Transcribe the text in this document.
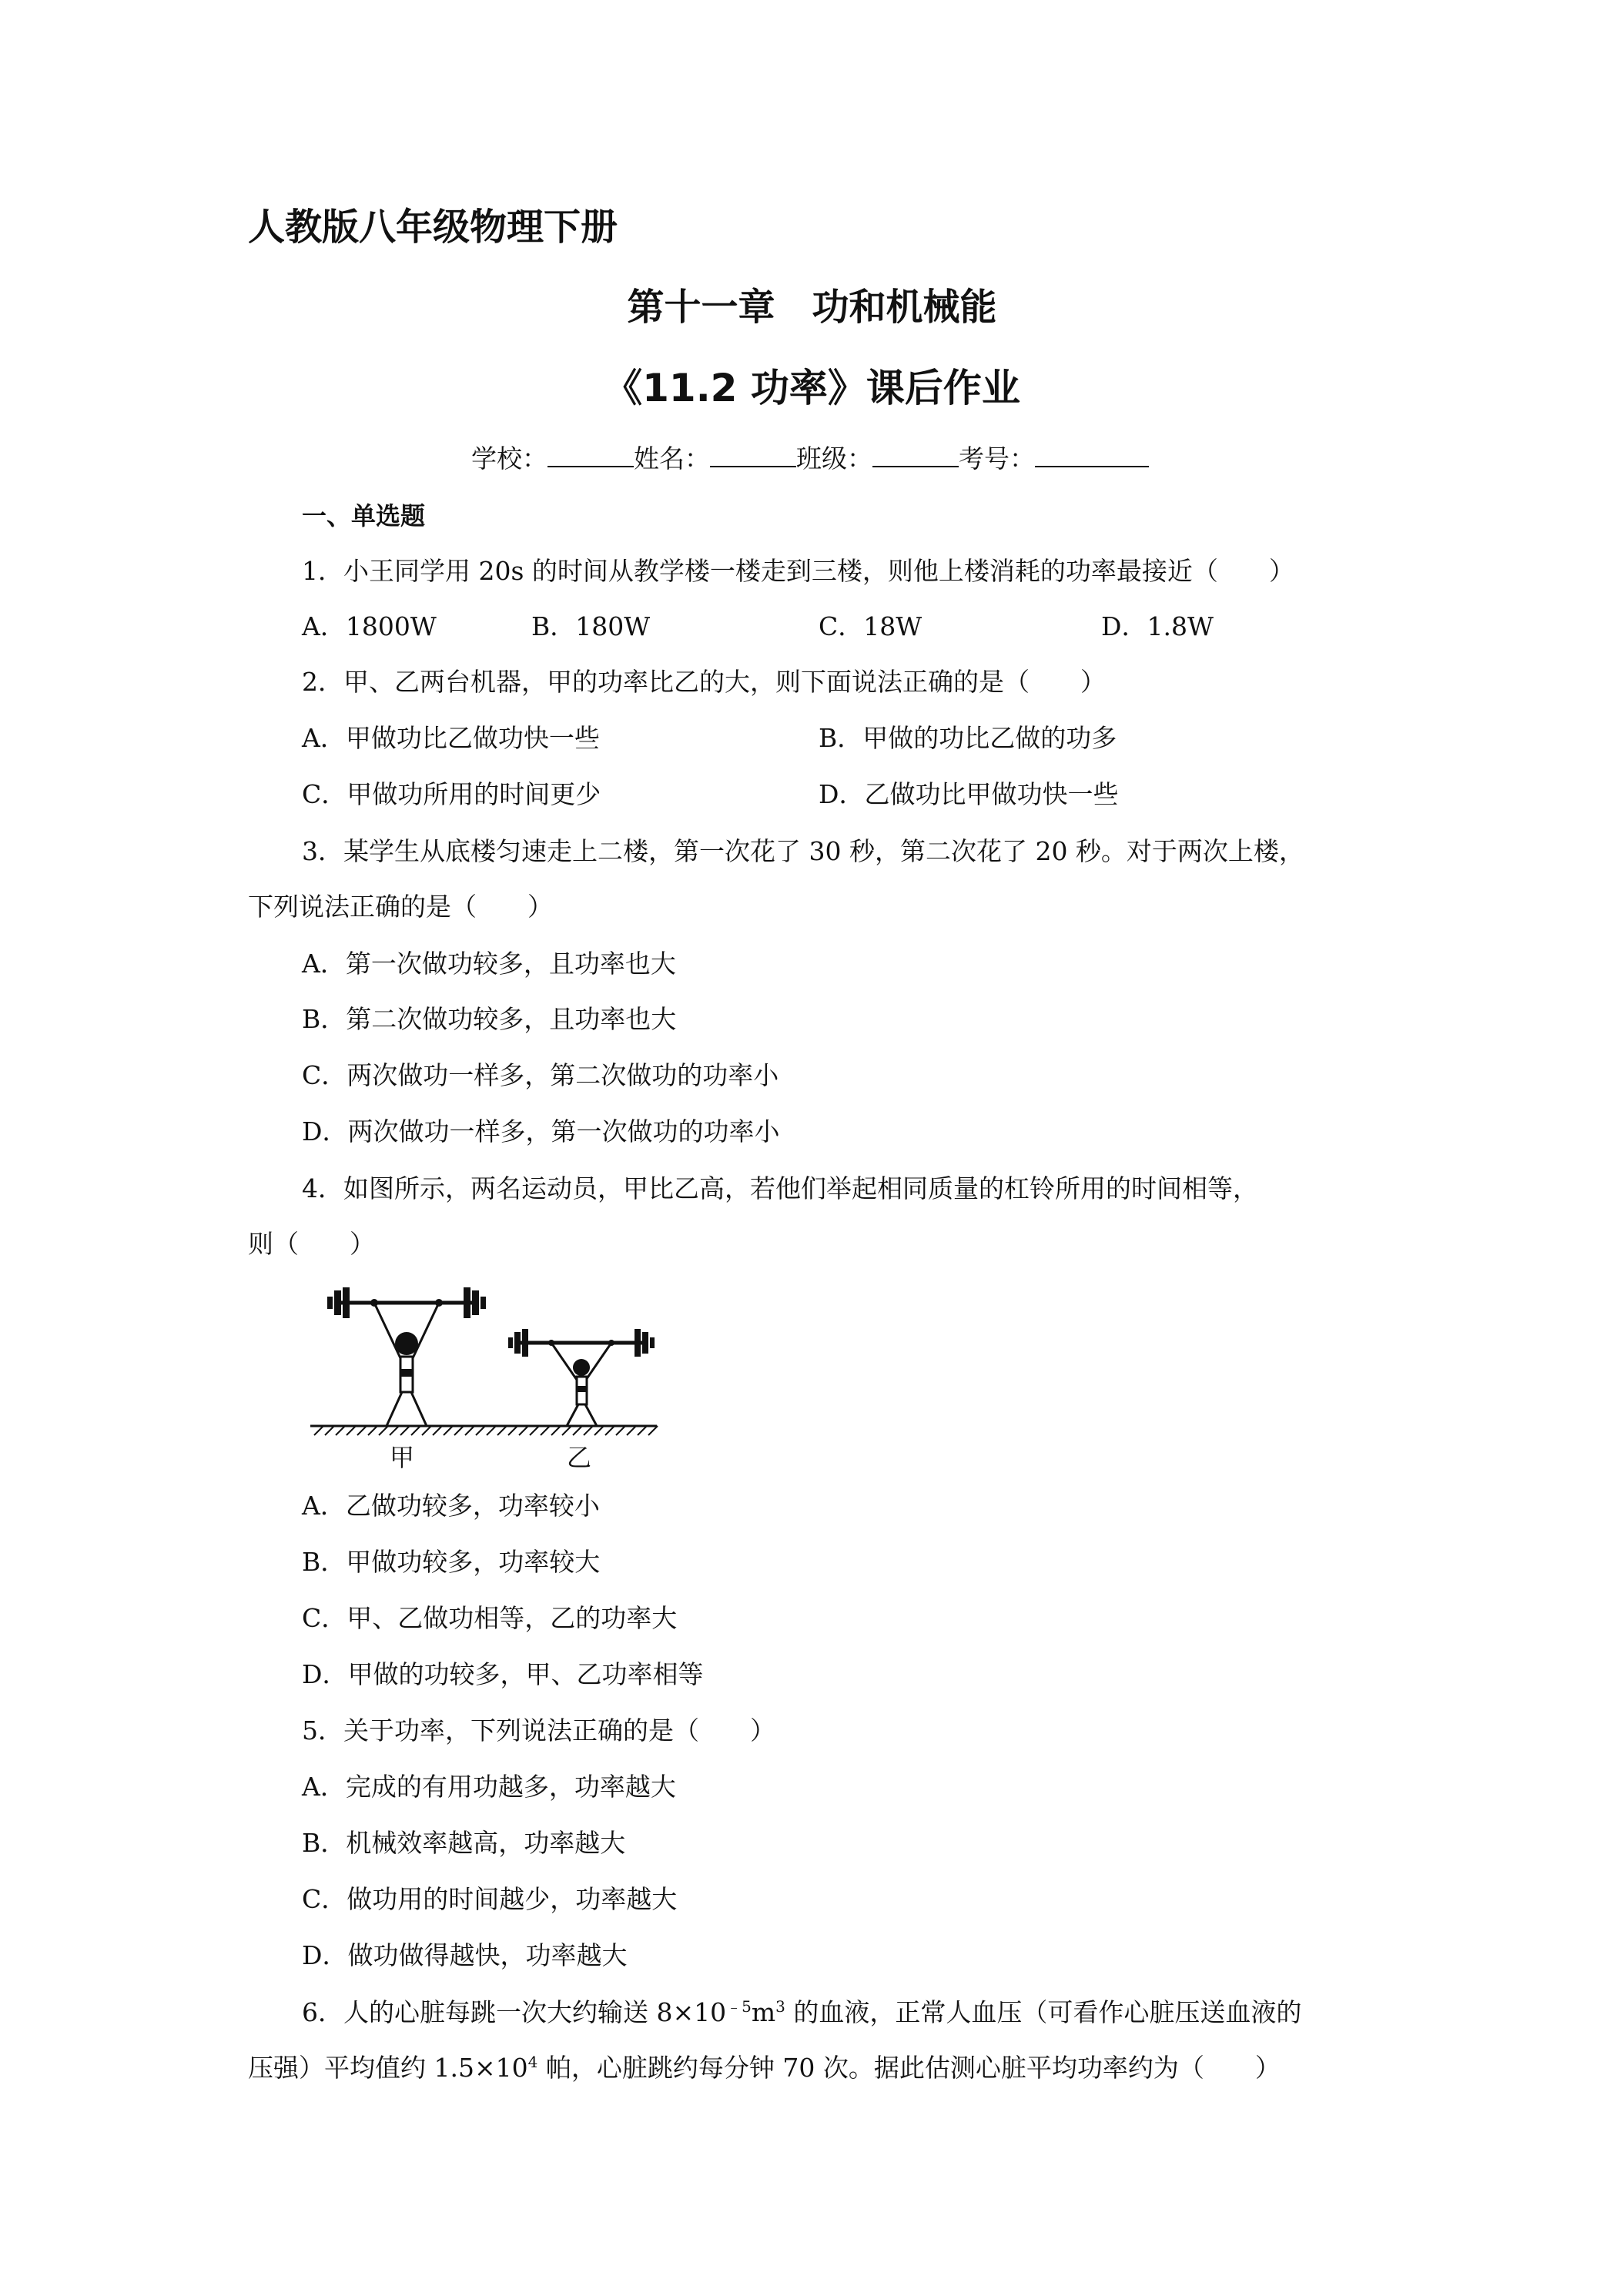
人教版八年级物理下册
第十一章　功和机械能
《11.2 功率》课后作业
学校：	姓名：	班级：	考号：
一、单选题
1．小王同学用 20s 的时间从教学楼一楼走到三楼，则他上楼消耗的功率最接近（　　）
A．1800W	B．180W	C．18W	D．1.8W
2．甲、乙两台机器，甲的功率比乙的大，则下面说法正确的是（　　）
A．甲做功比乙做功快一些	B．甲做的功比乙做的功多
C．甲做功所用的时间更少	D．乙做功比甲做功快一些
3．某学生从底楼匀速走上二楼，第一次花了 30 秒，第二次花了 20 秒。对于两次上楼，
下列说法正确的是（　　）
A．第一次做功较多，且功率也大
B．第二次做功较多，且功率也大
C．两次做功一样多，第二次做功的功率小
D．两次做功一样多，第一次做功的功率小
4．如图所示，两名运动员，甲比乙高，若他们举起相同质量的杠铃所用的时间相等，
则（　　）
甲	乙
A．乙做功较多，功率较小
B．甲做功较多，功率较大
C．甲、乙做功相等，乙的功率大
D．甲做的功较多，甲、乙功率相等
5．关于功率，下列说法正确的是（　　）
A．完成的有用功越多，功率越大
B．机械效率越高，功率越大
C．做功用的时间越少，功率越大
D．做功做得越快，功率越大
6．人的心脏每跳一次大约输送 $8\times 10^{﹣5}m^3$ 的血液，正常人血压（可看作心脏压送血液的
压强）平均值约 $1.5\times 10^4$ 帕，心脏跳约每分钟 70 次。据此估测心脏平均功率约为（　　）
